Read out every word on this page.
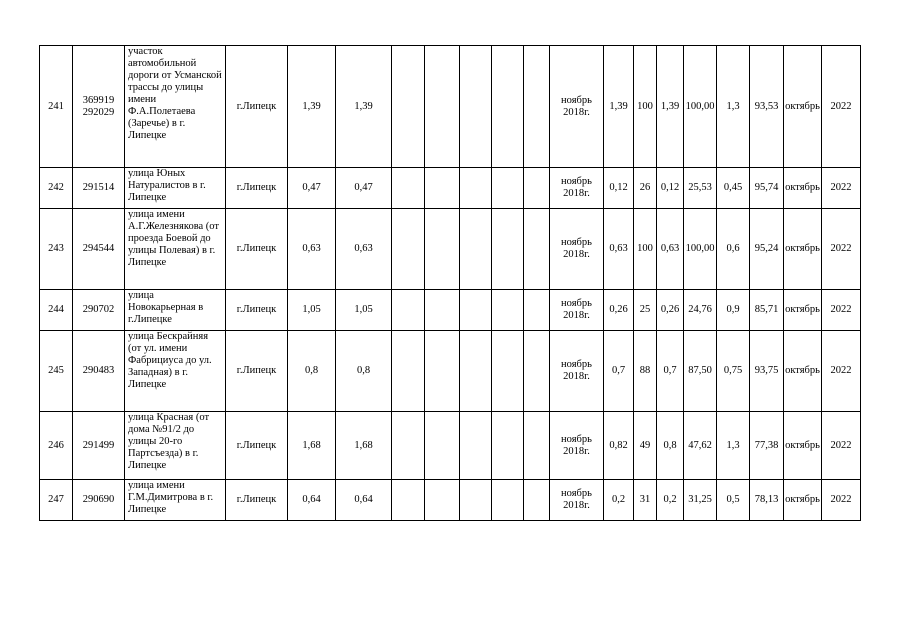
241	369919 292029	участок автомобильной дороги от Усманской трассы до улицы имени Ф.А.Полетаева (Заречье) в г. Липецке	г.Липецк	1,39	1,39						ноябрь 2018г.	1,39	100	1,39	100,00	1,3	93,53	октябрь	2022
242	291514	улица Юных Натуралистов в г. Липецке	г.Липецк	0,47	0,47						ноябрь 2018г.	0,12	26	0,12	25,53	0,45	95,74	октябрь	2022
243	294544	улица имени А.Г.Железнякова (от проезда Боевой до улицы Полевая) в г. Липецке	г.Липецк	0,63	0,63						ноябрь 2018г.	0,63	100	0,63	100,00	0,6	95,24	октябрь	2022
244	290702	улица Новокарьерная в г.Липецке	г.Липецк	1,05	1,05						ноябрь 2018г.	0,26	25	0,26	24,76	0,9	85,71	октябрь	2022
245	290483	улица Бескрайняя (от ул. имени Фабрициуса до ул. Западная) в г. Липецке	г.Липецк	0,8	0,8						ноябрь 2018г.	0,7	88	0,7	87,50	0,75	93,75	октябрь	2022
246	291499	улица Красная (от дома №91/2 до улицы 20-го Партсъезда) в г. Липецке	г.Липецк	1,68	1,68						ноябрь 2018г.	0,82	49	0,8	47,62	1,3	77,38	октябрь	2022
247	290690	улица имени Г.М.Димитрова в г. Липецке	г.Липецк	0,64	0,64						ноябрь 2018г.	0,2	31	0,2	31,25	0,5	78,13	октябрь	2022
